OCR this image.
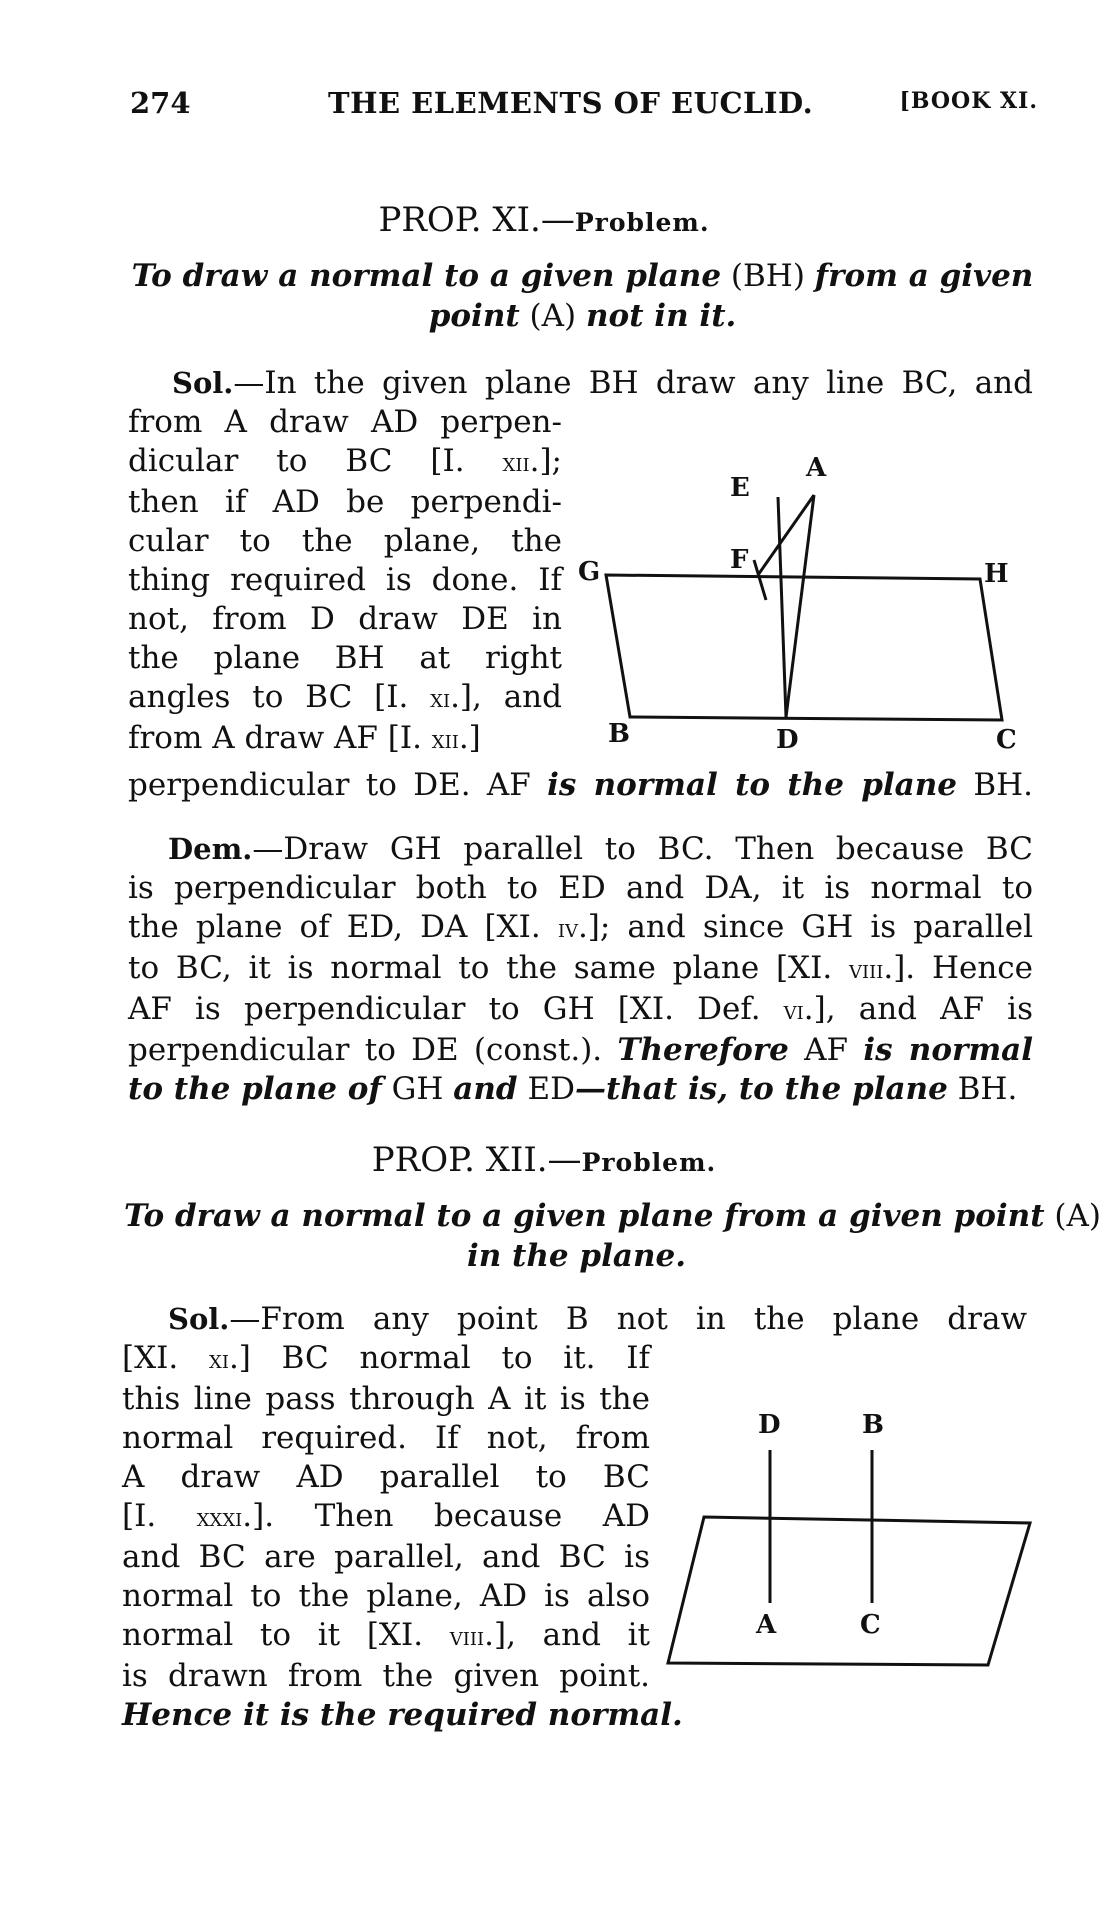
274	THE ELEMENTS OF EUCLID.	[BOOK XI.
PROP. XI.—Problem.
To draw a normal to a given plane (BH) from a given
point (A) not in it.
Sol.—In the given plane BH draw any line BC, and
from A draw AD perpen-
dicular to BC [I. xii.];
then if AD be perpendi-
cular to the plane, the
thing required is done. If
not, from D draw DE in
the plane BH at right
angles to BC [I. xi.], and
from A draw AF [I. xii.]
perpendicular to DE. AF is normal to the plane BH.
A
E
F
G	H
B	D	C
Dem.—Draw GH parallel to BC. Then because BC
is perpendicular both to ED and DA, it is normal to
the plane of ED, DA [XI. iv.]; and since GH is parallel
to BC, it is normal to the same plane [XI. viii.]. Hence
AF is perpendicular to GH [XI. Def. vi.], and AF is
perpendicular to DE (const.). Therefore AF is normal
to the plane of GH and ED—that is, to the plane BH.
PROP. XII.—Problem.
To draw a normal to a given plane from a given point (A)
in the plane.
Sol.—From any point B not in the plane draw
[XI. xi.] BC normal to it. If
this line pass through A it is the
normal required. If not, from
A draw AD parallel to BC
[I. xxxi.]. Then because AD
and BC are parallel, and BC is
normal to the plane, AD is also
normal to it [XI. viii.], and it
is drawn from the given point.
Hence it is the required normal.
D	B
A	C
